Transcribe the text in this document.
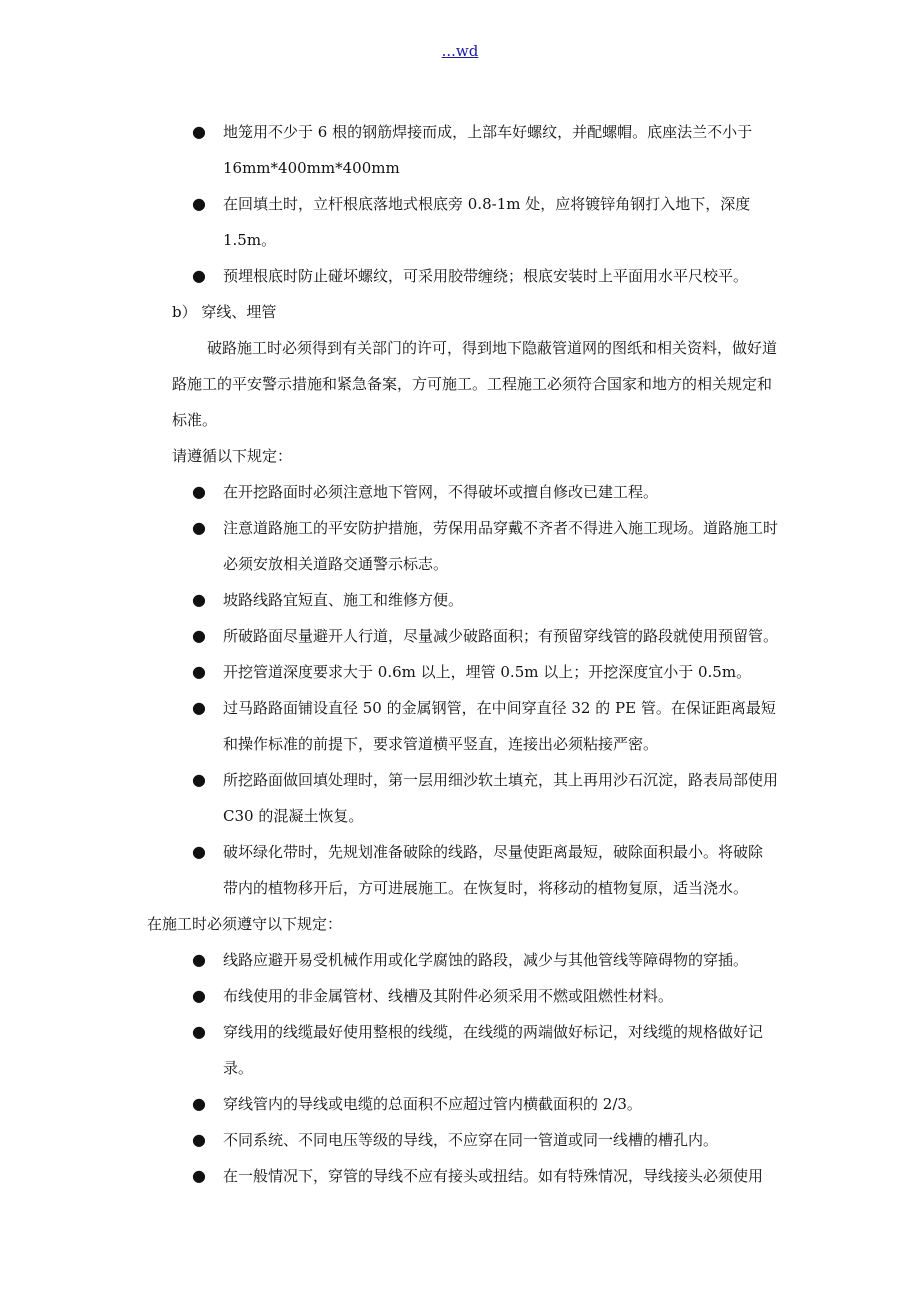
...wd
● 地笼用不少于 6 根的钢筋焊接而成，上部车好螺纹，并配螺帽。底座法兰不小于 16mm*400mm*400mm
● 在回填土时，立杆根底落地式根底旁 0.8-1m 处，应将镀锌角钢打入地下，深度 1.5m。
● 预埋根底时防止碰坏螺纹，可采用胶带缠绕；根底安装时上平面用水平尺校平。
b） 穿线、埋管
破路施工时必须得到有关部门的许可，得到地下隐蔽管道网的图纸和相关资料，做好道路施工的平安警示措施和紧急备案，方可施工。工程施工必须符合国家和地方的相关规定和标准。
请遵循以下规定：
● 在开挖路面时必须注意地下管网，不得破坏或擅自修改已建工程。
● 注意道路施工的平安防护措施，劳保用品穿戴不齐者不得进入施工现场。道路施工时必须安放相关道路交通警示标志。
● 坡路线路宜短直、施工和维修方便。
● 所破路面尽量避开人行道，尽量减少破路面积；有预留穿线管的路段就使用预留管。
● 开挖管道深度要求大于 0.6m 以上，埋管 0.5m 以上；开挖深度宜小于 0.5m。
● 过马路路面铺设直径 50 的金属钢管，在中间穿直径 32 的 PE 管。在保证距离最短和操作标准的前提下，要求管道横平竖直，连接出必须粘接严密。
● 所挖路面做回填处理时，第一层用细沙软土填充，其上再用沙石沉淀，路表局部使用 C30 的混凝土恢复。
● 破坏绿化带时，先规划准备破除的线路，尽量使距离最短，破除面积最小。将破除
带内的植物移开后，方可进展施工。在恢复时，将移动的植物复原，适当浇水。
在施工时必须遵守以下规定：
● 线路应避开易受机械作用或化学腐蚀的路段，减少与其他管线等障碍物的穿插。
● 布线使用的非金属管材、线槽及其附件必须采用不燃或阻燃性材料。
● 穿线用的线缆最好使用整根的线缆，在线缆的两端做好标记，对线缆的规格做好记录。
● 穿线管内的导线或电缆的总面积不应超过管内横截面积的 2/3。
● 不同系统、不同电压等级的导线，不应穿在同一管道或同一线槽的槽孔内。
● 在一般情况下，穿管的导线不应有接头或扭结。如有特殊情况，导线接头必须使用
